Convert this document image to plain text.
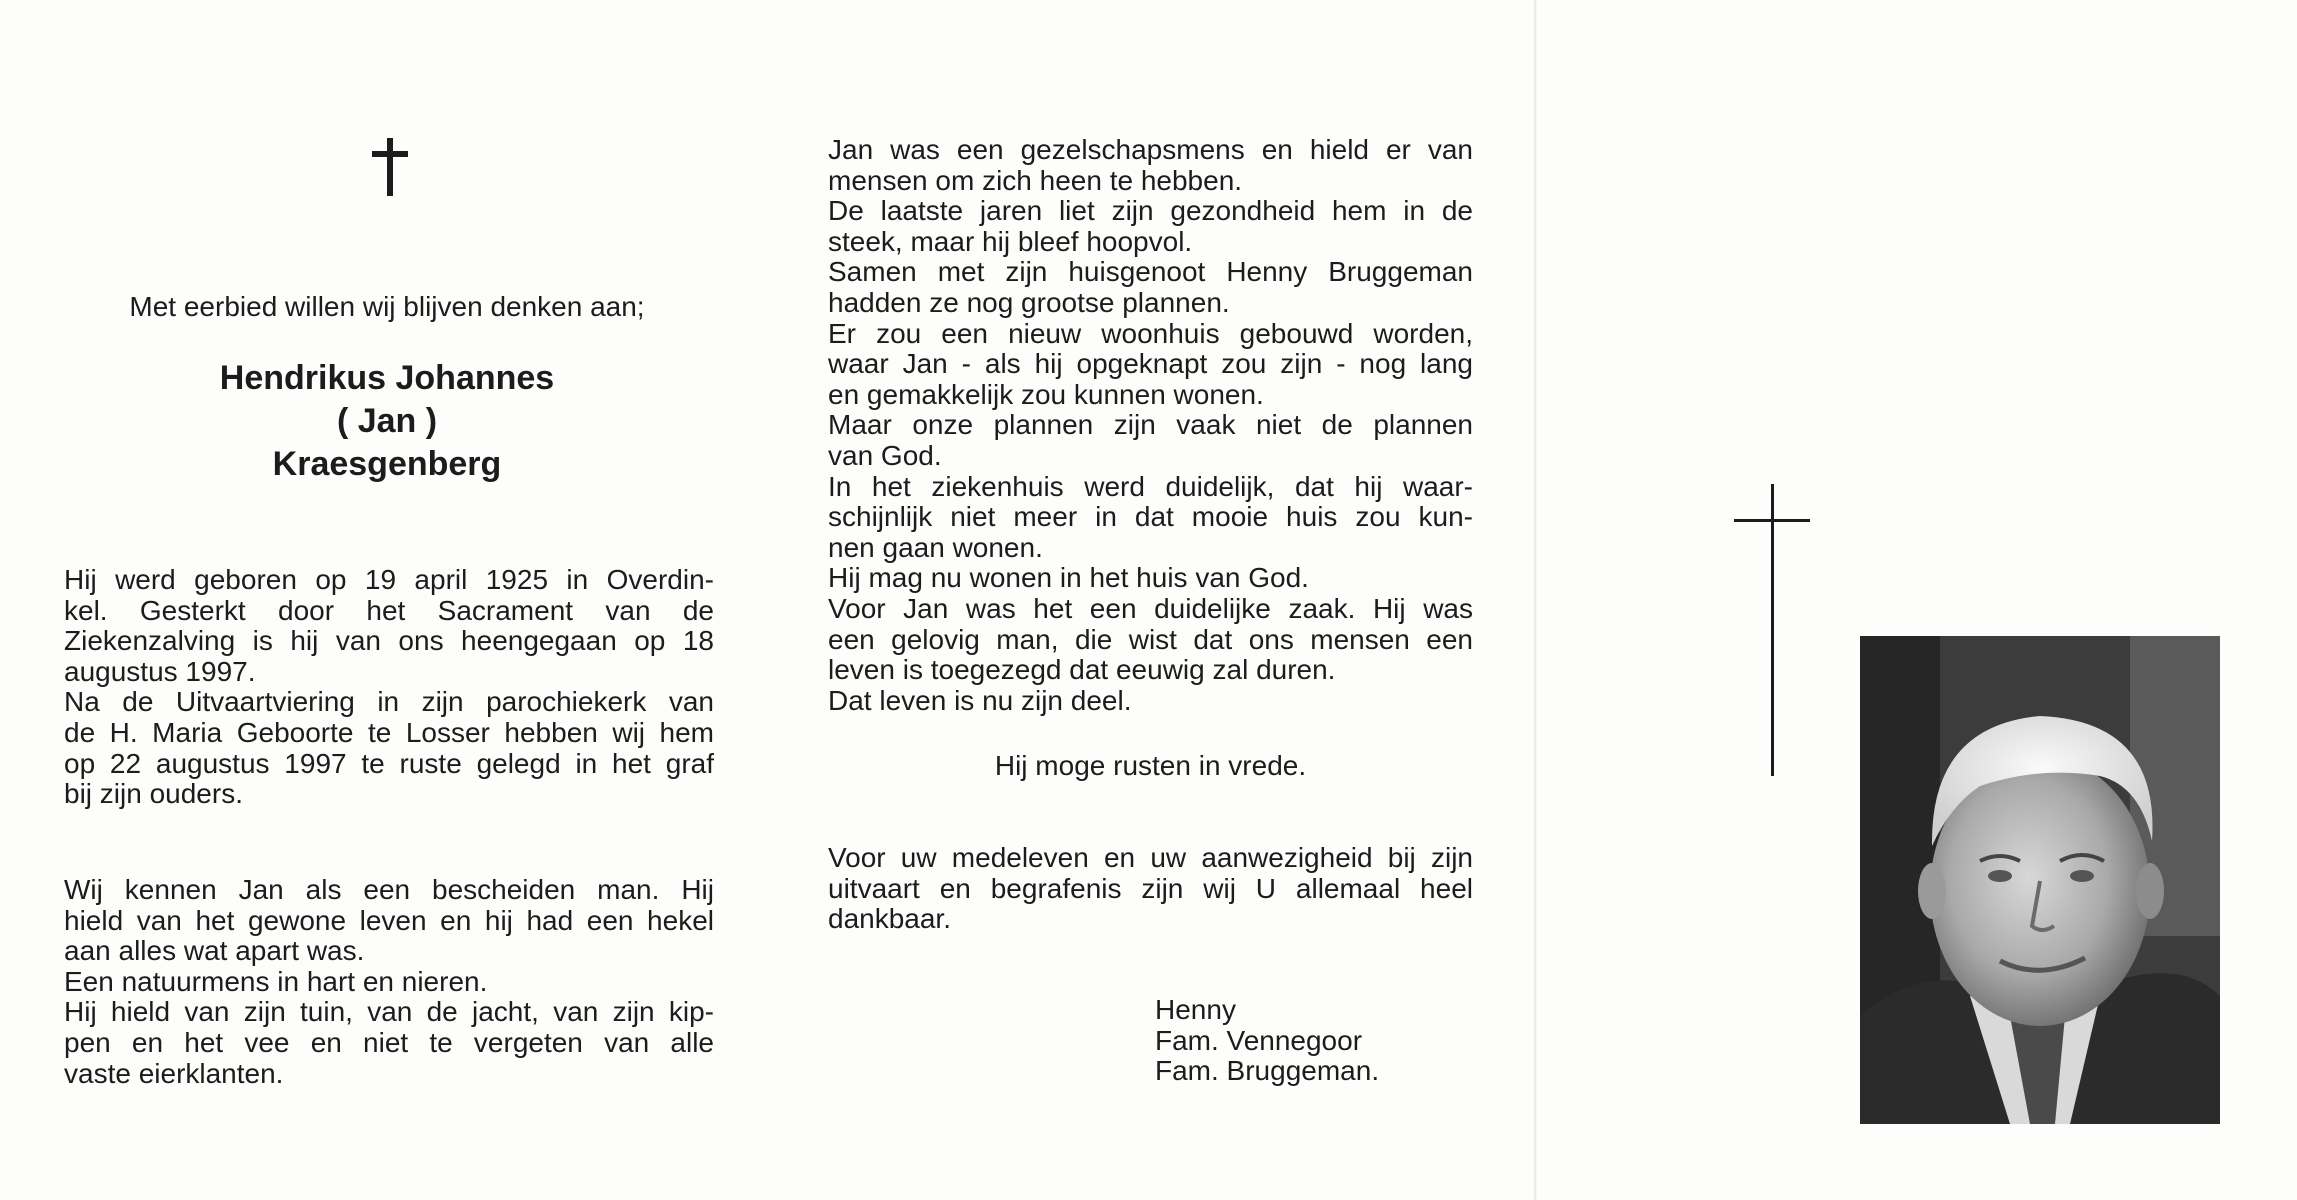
Met eerbied willen wij blijven denken aan;
Hendrikus Johannes
( Jan )
Kraesgenberg
Hij werd geboren op 19 april 1925 in Overdin-
kel. Gesterkt door het Sacrament van de
Ziekenzalving is hij van ons heengegaan op 18
augustus 1997.
Na de Uitvaartviering in zijn parochiekerk van
de H. Maria Geboorte te Losser hebben wij hem
op 22 augustus 1997 te ruste gelegd in het graf
bij zijn ouders.
Wij kennen Jan als een bescheiden man. Hij
hield van het gewone leven en hij had een hekel
aan alles wat apart was.
Een natuurmens in hart en nieren.
Hij hield van zijn tuin, van de jacht, van zijn kip-
pen en het vee en niet te vergeten van alle
vaste eierklanten.
Jan was een gezelschapsmens en hield er van
mensen om zich heen te hebben.
De laatste jaren liet zijn gezondheid hem in de
steek, maar hij bleef hoopvol.
Samen met zijn huisgenoot Henny Bruggeman
hadden ze nog grootse plannen.
Er zou een nieuw woonhuis gebouwd worden,
waar Jan - als hij opgeknapt zou zijn - nog lang
en gemakkelijk zou kunnen wonen.
Maar onze plannen zijn vaak niet de plannen
van God.
In het ziekenhuis werd duidelijk, dat hij waar-
schijnlijk niet meer in dat mooie huis zou kun-
nen gaan wonen.
Hij mag nu wonen in het huis van God.
Voor Jan was het een duidelijke zaak. Hij was
een gelovig man, die wist dat ons mensen een
leven is toegezegd dat eeuwig zal duren.
Dat leven is nu zijn deel.
Hij moge rusten in vrede.
Voor uw medeleven en uw aanwezigheid bij zijn
uitvaart en begrafenis zijn wij U allemaal heel
dankbaar.
Henny
Fam. Vennegoor
Fam. Bruggeman.
